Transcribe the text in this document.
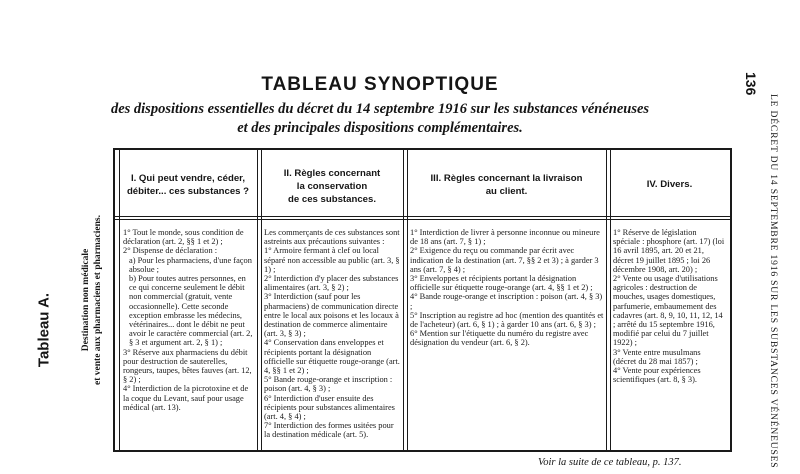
TABLEAU SYNOPTIQUE
des dispositions essentielles du décret du 14 septembre 1916 sur les substances vénéneuses
et des principales dispositions complémentaires.
136
LE DÉCRET DU 14 SEPTEMBRE 1916 SUR LES SUBSTANCES VÉNÉNEUSES
Tableau A.	Destination non médicale et vente aux pharmaciens et pharmaciens.
I. Qui peut vendre, céder,
débiter... ces substances ?
II. Règles concernant
la conservation
de ces substances.
III. Règles concernant la livraison
au client.
IV. Divers.

1° Tout le monde, sous condition de déclaration (art. 2, §§ 1 et 2) ;

2° Dispense de déclaration :

a) Pour les pharmaciens, d'une façon absolue ;

b) Pour toutes autres personnes, en ce qui concerne seulement le débit non commercial (gratuit, vente occasionnelle). Cette seconde exception embrasse les médecins, vétérinaires... dont le débit ne peut avoir le caractère commercial (art. 2, § 3 et argument art. 2, § 1) ;

3° Réserve aux pharmaciens du débit pour destruction de sauterelles, rongeurs, taupes, bêtes fauves (art. 12, § 2) ;

4° Interdiction de la picrotoxine et de la coque du Levant, sauf pour usage médical (art. 13).

Les commerçants de ces substances sont astreints aux précautions suivantes :

1° Armoire fermant à clef ou local séparé non accessible au public (art. 3, § 1) ;

2° Interdiction d'y placer des substances alimentaires (art. 3, § 2) ;

3° Interdiction (sauf pour les pharmaciens) de communication directe entre le local aux poisons et les locaux à destination de commerce alimentaire (art. 3, § 3) ;

4° Conservation dans enveloppes et récipients portant la désignation officielle sur étiquette rouge-orange (art. 4, §§ 1 et 2) ;

5° Bande rouge-orange et inscription : poison (art. 4, § 3) ;

6° Interdiction d'user ensuite des récipients pour substances alimentaires (art. 4, § 4) ;

7° Interdiction des formes usitées pour la destination médicale (art. 5).

1° Interdiction de livrer à personne inconnue ou mineure de 18 ans (art. 7, § 1) ;

2° Exigence du reçu ou commande par écrit avec indication de la destination (art. 7, §§ 2 et 3) ; à garder 3 ans (art. 7, § 4) ;

3° Enveloppes et récipients portant la désignation officielle sur étiquette rouge-orange (art. 4, §§ 1 et 2) ;

4° Bande rouge-orange et inscription : poison (art. 4, § 3) ;

5° Inscription au registre ad hoc (mention des quantités et de l'acheteur) (art. 6, § 1) ; à garder 10 ans (art. 6, § 3) ;

6° Mention sur l'étiquette du numéro du registre avec désignation du vendeur (art. 6, § 2).

1° Réserve de législation spéciale : phosphore (art. 17) (loi 16 avril 1895, art. 20 et 21, décret 19 juillet 1895 ; loi 26 décembre 1908, art. 20) ;

2° Vente ou usage d'utilisations agricoles : destruction de mouches, usages domestiques, parfumerie, embaumement des cadavres (art. 8, 9, 10, 11, 12, 14 ; arrêté du 15 septembre 1916, modifié par celui du 7 juillet 1922) ;

3° Vente entre musulmans (décret du 28 mai 1857) ;

4° Vente pour expériences scientifiques (art. 8, § 3).

Voir la suite de ce tableau, p. 137.
